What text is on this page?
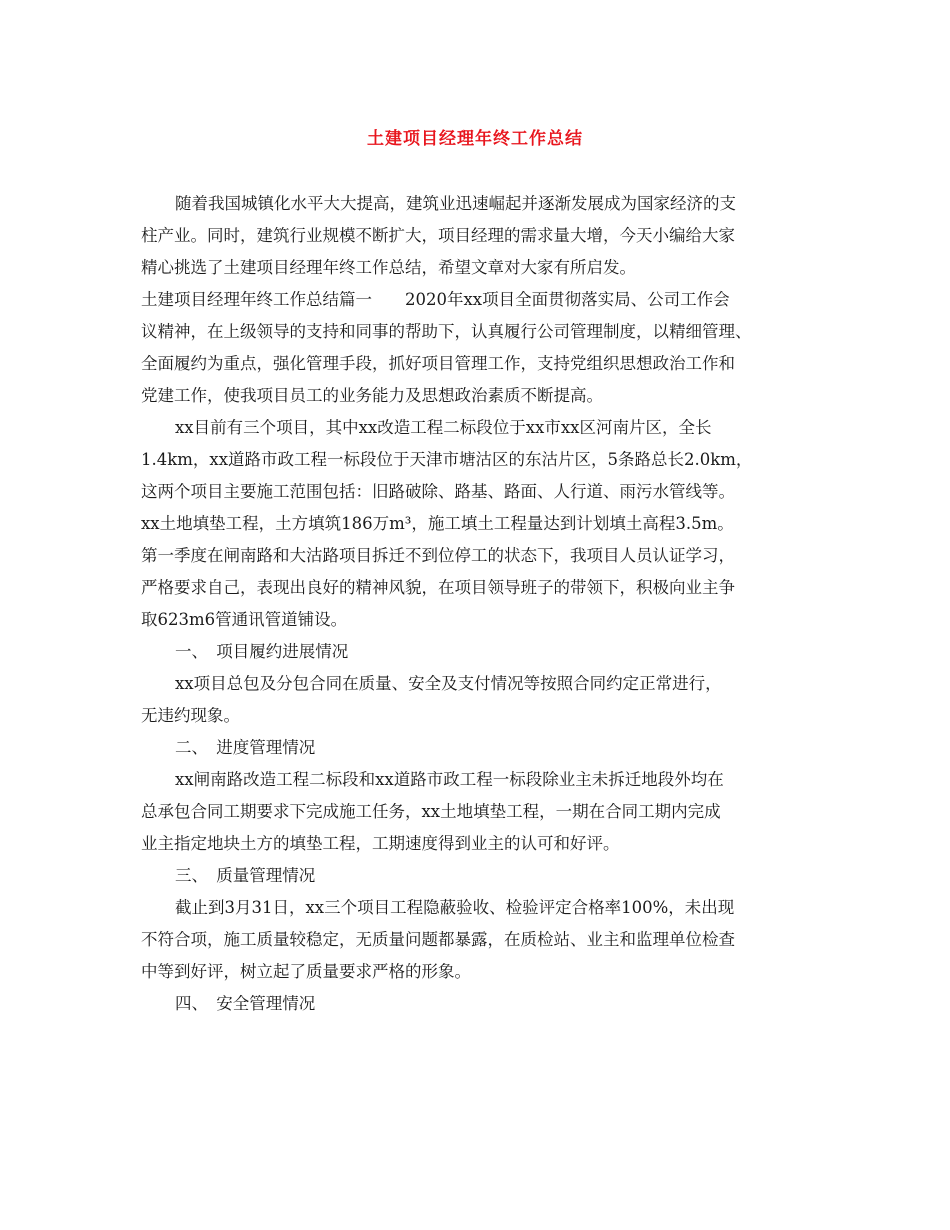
土建项目经理年终工作总结
随着我国城镇化水平大大提高，建筑业迅速崛起并逐渐发展成为国家经济的支
柱产业。同时，建筑行业规模不断扩大，项目经理的需求量大增，今天小编给大家
精心挑选了土建项目经理年终工作总结，希望文章对大家有所启发。
土建项目经理年终工作总结篇一　　2020年xx项目全面贯彻落实局、公司工作会
议精神，在上级领导的支持和同事的帮助下，认真履行公司管理制度，以精细管理、
全面履约为重点，强化管理手段，抓好项目管理工作，支持党组织思想政治工作和
党建工作，使我项目员工的业务能力及思想政治素质不断提高。
xx目前有三个项目，其中xx改造工程二标段位于xx市xx区河南片区，全长
1.4km，xx道路市政工程一标段位于天津市塘沽区的东沽片区，5条路总长2.0km，
这两个项目主要施工范围包括：旧路破除、路基、路面、人行道、雨污水管线等。
xx土地填垫工程，土方填筑186万m³，施工填土工程量达到计划填土高程3.5m。
第一季度在闸南路和大沽路项目拆迁不到位停工的状态下，我项目人员认证学习，
严格要求自己，表现出良好的精神风貌，在项目领导班子的带领下，积极向业主争
取623m6管通讯管道铺设。
一、　项目履约进展情况
xx项目总包及分包合同在质量、安全及支付情况等按照合同约定正常进行，
无违约现象。
二、　进度管理情况
xx闸南路改造工程二标段和xx道路市政工程一标段除业主未拆迁地段外均在
总承包合同工期要求下完成施工任务，xx土地填垫工程，一期在合同工期内完成
业主指定地块土方的填垫工程，工期速度得到业主的认可和好评。
三、　质量管理情况
截止到3月31日，xx三个项目工程隐蔽验收、检验评定合格率100%，未出现
不符合项，施工质量较稳定，无质量问题都暴露，在质检站、业主和监理单位检查
中等到好评，树立起了质量要求严格的形象。
四、　安全管理情况
